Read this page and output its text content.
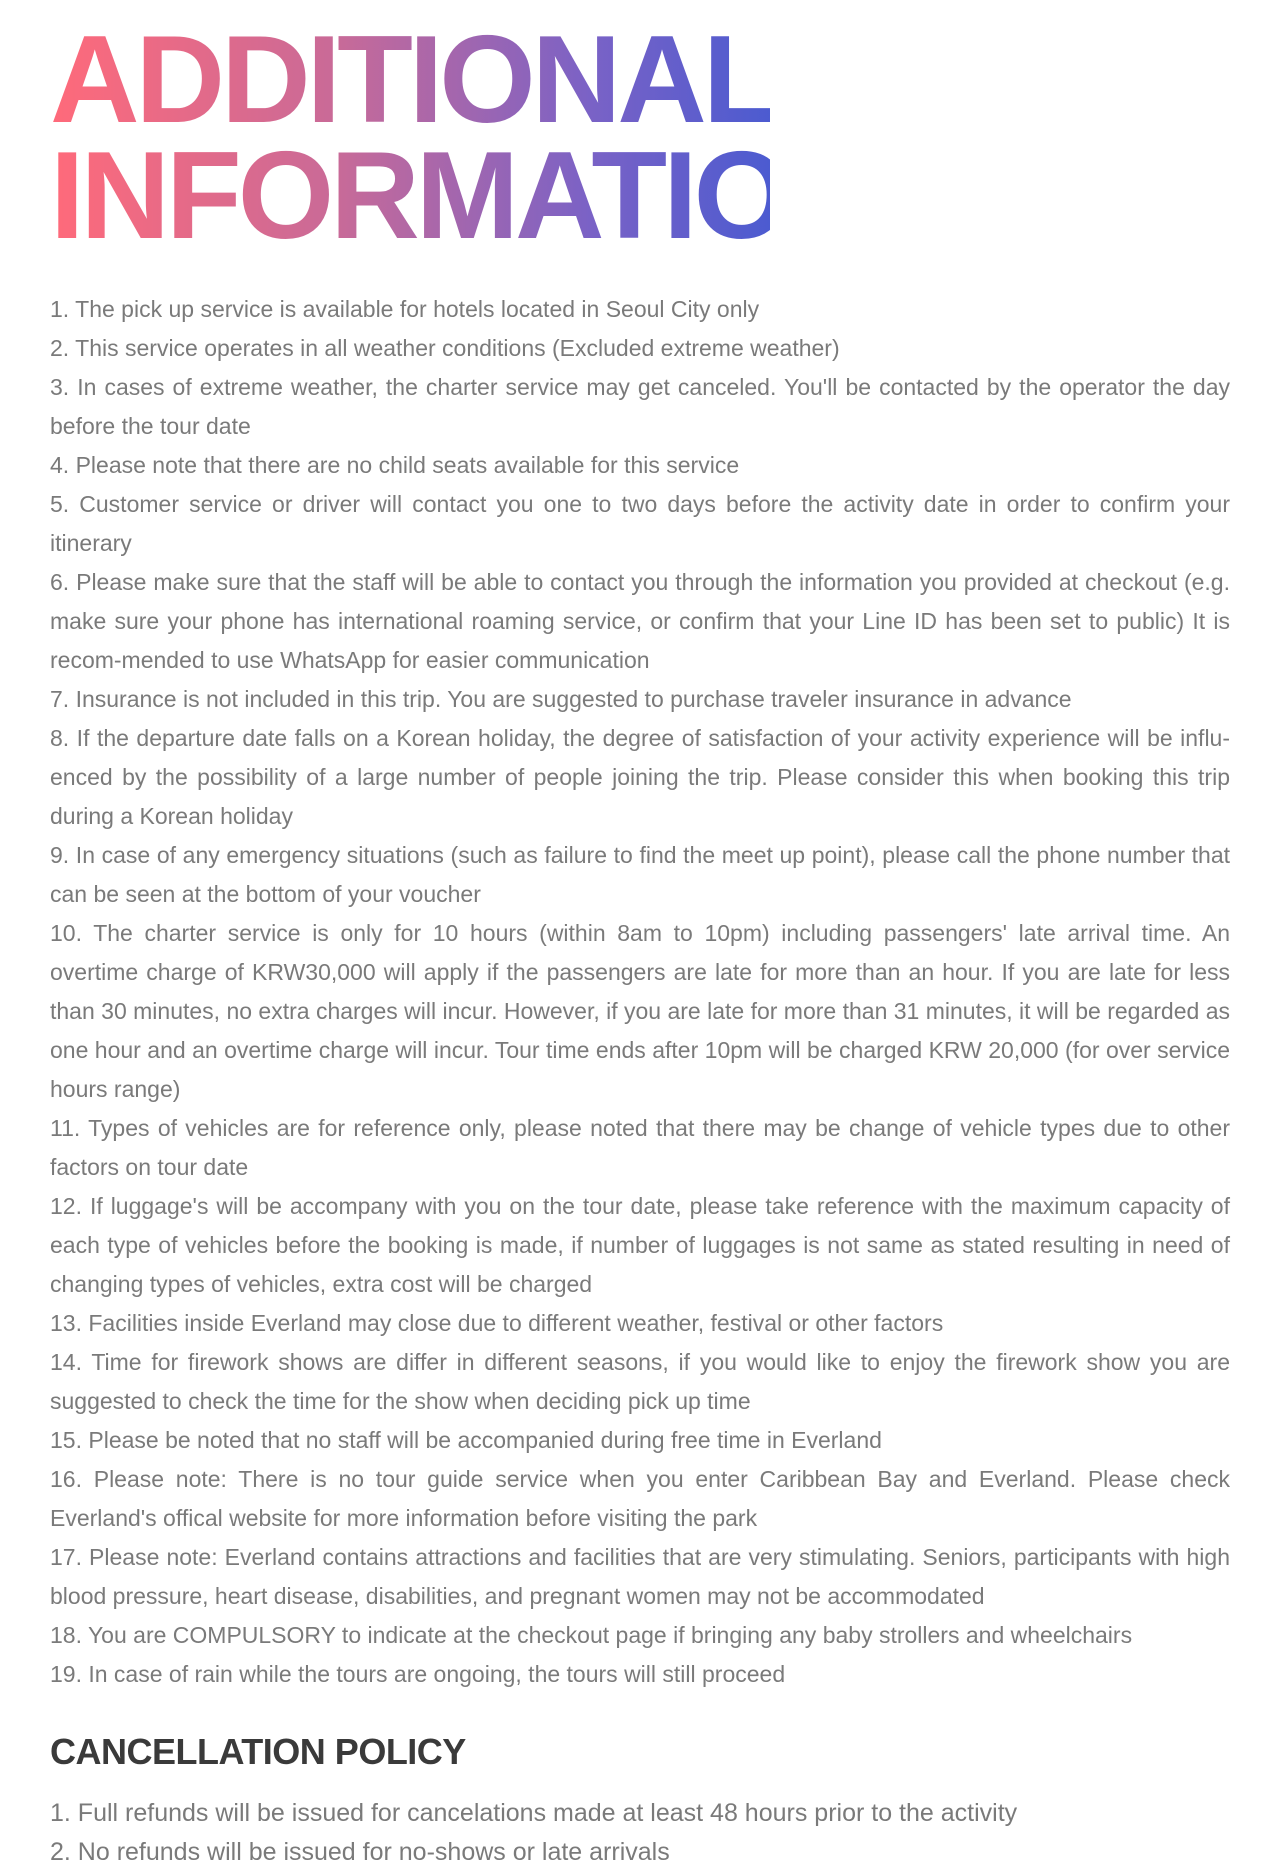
ADDITIONAL
INFORMATION
1. The pick up service is available for hotels located in Seoul City only
2. This service operates in all weather conditions (Excluded extreme weather)
3. In cases of extreme weather, the charter service may get canceled. You'll be contacted by the operator the day before the tour date
4. Please note that there are no child seats available for this service
5. Customer service or driver will contact you one to two days before the activity date in order to confirm your itinerary
6. Please make sure that the staff will be able to contact you through the information you provided at checkout (e.g. make sure your phone has international roaming service, or confirm that your Line ID has been set to public) It is recom-mended to use WhatsApp for easier communication
7. Insurance is not included in this trip. You are suggested to purchase traveler insurance in advance
8. If the departure date falls on a Korean holiday, the degree of satisfaction of your activity experience will be influ-enced by the possibility of a large number of people joining the trip. Please consider this when booking this trip during a Korean holiday
9. In case of any emergency situations (such as failure to find the meet up point), please call the phone number that can be seen at the bottom of your voucher
10. The charter service is only for 10 hours (within 8am to 10pm) including passengers' late arrival time. An overtime charge of KRW30,000 will apply if the passengers are late for more than an hour. If you are late for less than 30 minutes, no extra charges will incur. However, if you are late for more than 31 minutes, it will be regarded as one hour and an overtime charge will incur. Tour time ends after 10pm will be charged KRW 20,000 (for over service hours range)
11. Types of vehicles are for reference only, please noted that there may be change of vehicle types due to other factors on tour date
12. If luggage's will be accompany with you on the tour date, please take reference with the maximum capacity of each type of vehicles before the booking is made, if number of luggages is not same as stated resulting in need of changing types of vehicles, extra cost will be charged
13. Facilities inside Everland may close due to different weather, festival or other factors
14. Time for firework shows are differ in different seasons, if you would like to enjoy the firework show you are suggested to check the time for the show when deciding pick up time
15. Please be noted that no staff will be accompanied during free time in Everland
16. Please note: There is no tour guide service when you enter Caribbean Bay and Everland. Please check Everland's offical website for more information before visiting the park
17. Please note: Everland contains attractions and facilities that are very stimulating. Seniors, participants with high blood pressure, heart disease, disabilities, and pregnant women may not be accommodated
18. You are COMPULSORY to indicate at the checkout page if bringing any baby strollers and wheelchairs
19. In case of rain while the tours are ongoing, the tours will still proceed
CANCELLATION POLICY
1. Full refunds will be issued for cancelations made at least 48 hours prior to the activity
2. No refunds will be issued for no-shows or late arrivals
